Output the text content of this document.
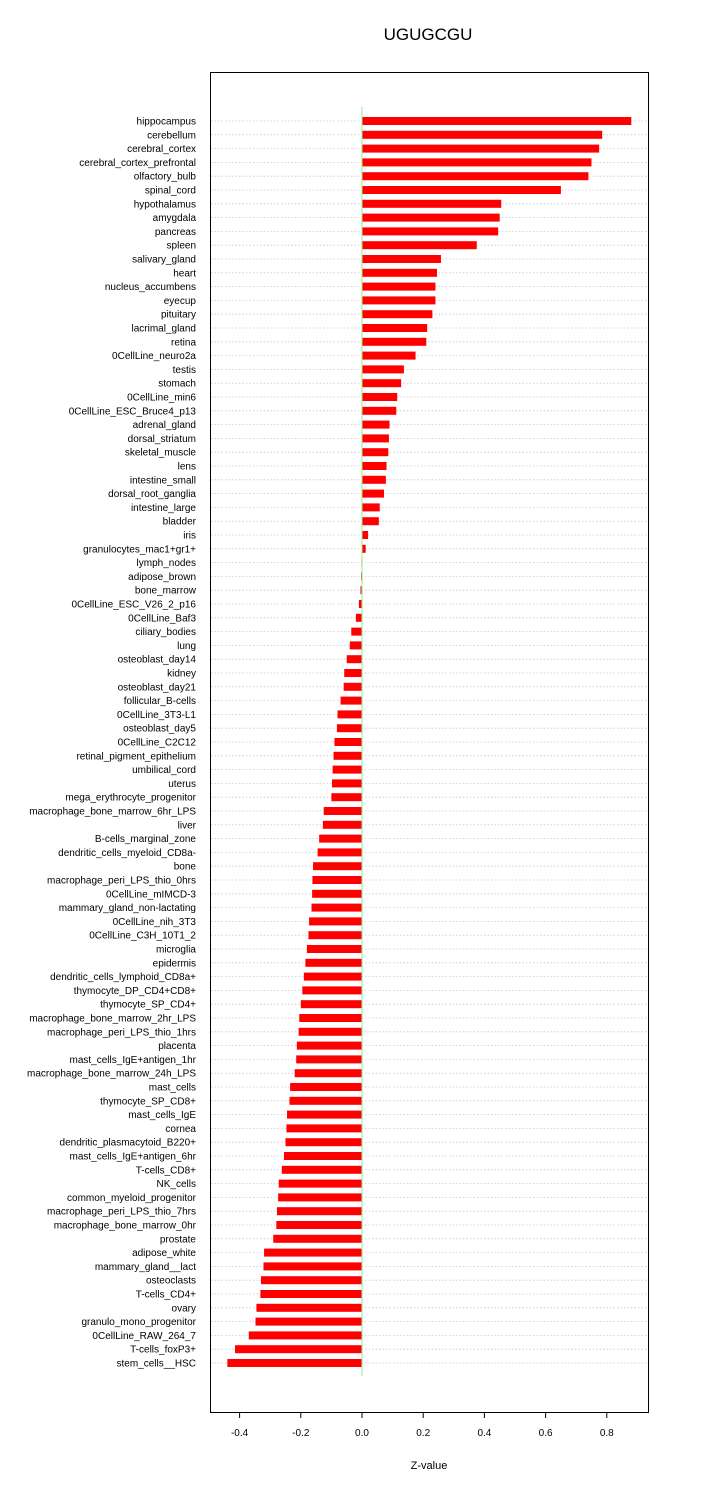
UGUGCGU
hippocampus
cerebellum
cerebral_cortex
cerebral_cortex_prefrontal
olfactory_bulb
spinal_cord
hypothalamus
amygdala
pancreas
spleen
salivary_gland
heart
nucleus_accumbens
eyecup
pituitary
lacrimal_gland
retina
0CellLine_neuro2a
testis
stomach
0CellLine_min6
0CellLine_ESC_Bruce4_p13
adrenal_gland
dorsal_striatum
skeletal_muscle
lens
intestine_small
dorsal_root_ganglia
intestine_large
bladder
iris
granulocytes_mac1+gr1+
lymph_nodes
adipose_brown
bone_marrow
0CellLine_ESC_V26_2_p16
0CellLine_Baf3
ciliary_bodies
lung
osteoblast_day14
kidney
osteoblast_day21
follicular_B-cells
0CellLine_3T3-L1
osteoblast_day5
0CellLine_C2C12
retinal_pigment_epithelium
umbilical_cord
uterus
mega_erythrocyte_progenitor
macrophage_bone_marrow_6hr_LPS
liver
B-cells_marginal_zone
dendritic_cells_myeloid_CD8a-
bone
macrophage_peri_LPS_thio_0hrs
0CellLine_mIMCD-3
mammary_gland_non-lactating
0CellLine_nih_3T3
0CellLine_C3H_10T1_2
microglia
epidermis
dendritic_cells_lymphoid_CD8a+
thymocyte_DP_CD4+CD8+
thymocyte_SP_CD4+
macrophage_bone_marrow_2hr_LPS
macrophage_peri_LPS_thio_1hrs
placenta
mast_cells_IgE+antigen_1hr
macrophage_bone_marrow_24h_LPS
mast_cells
thymocyte_SP_CD8+
mast_cells_IgE
cornea
dendritic_plasmacytoid_B220+
mast_cells_IgE+antigen_6hr
T-cells_CD8+
NK_cells
common_myeloid_progenitor
macrophage_peri_LPS_thio_7hrs
macrophage_bone_marrow_0hr
prostate
adipose_white
mammary_gland__lact
osteoclasts
T-cells_CD4+
ovary
granulo_mono_progenitor
0CellLine_RAW_264_7
T-cells_foxP3+
stem_cells__HSC
-0.4	-0.2	0.0	0.2	0.4	0.6	0.8
Z-value
